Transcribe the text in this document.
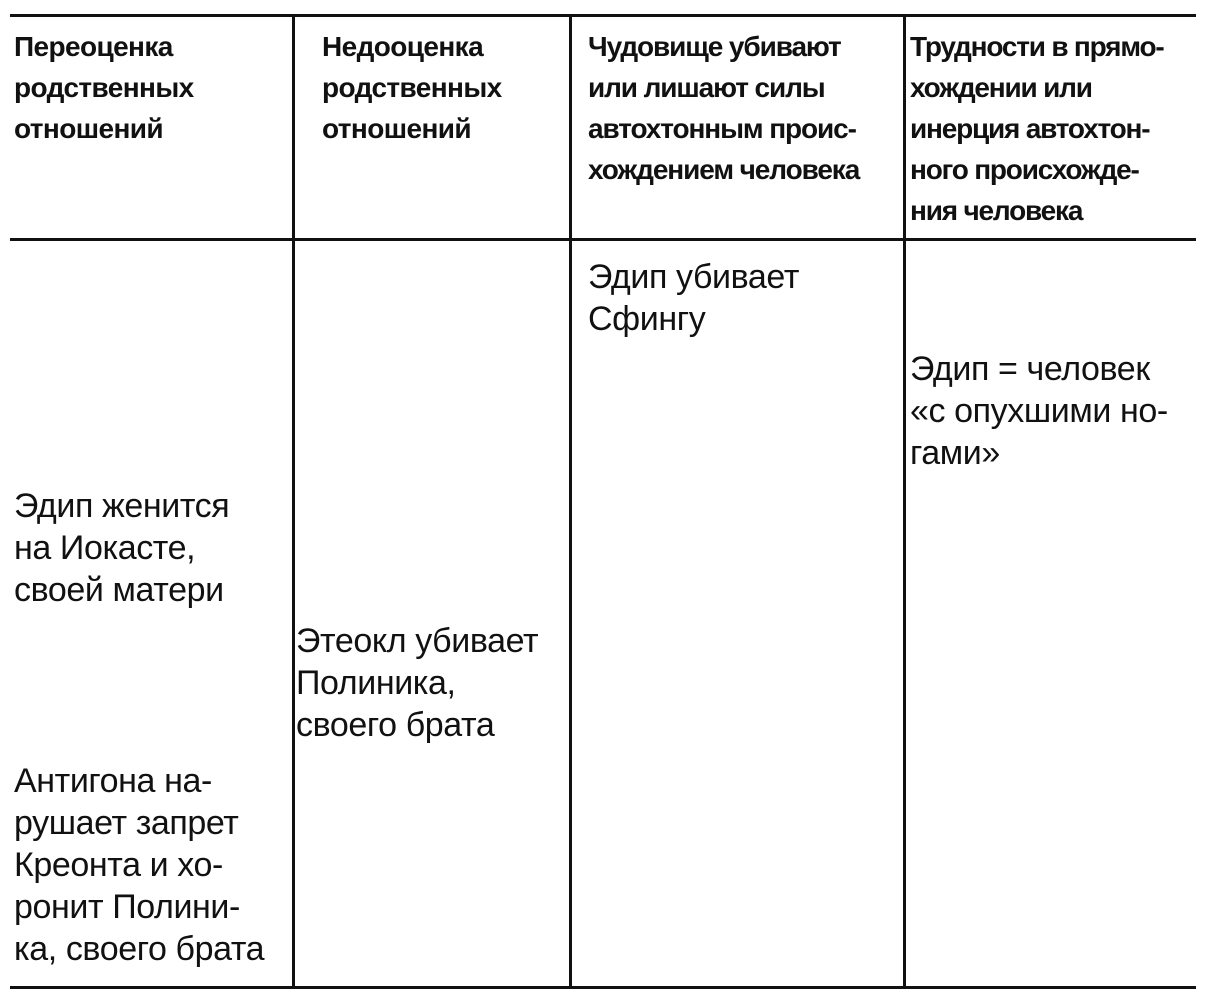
Переоценка
родственных
отношений
Недооценка
родственных
отношений
Чудовище убивают
или лишают силы
автохтонным проис-
хождением человека
Трудности в прямо-
хождении или
инерция автохтон-
ного происхожде-
ния человека
Эдип женится
на Иокасте,
своей матери
Антигона на-
рушает запрет
Креонта и хо-
ронит Полини-
ка, своего брата
Этеокл убивает
Полиника,
своего брата
Эдип убивает
Сфингу
Эдип = человек
«с опухшими но-
гами»
